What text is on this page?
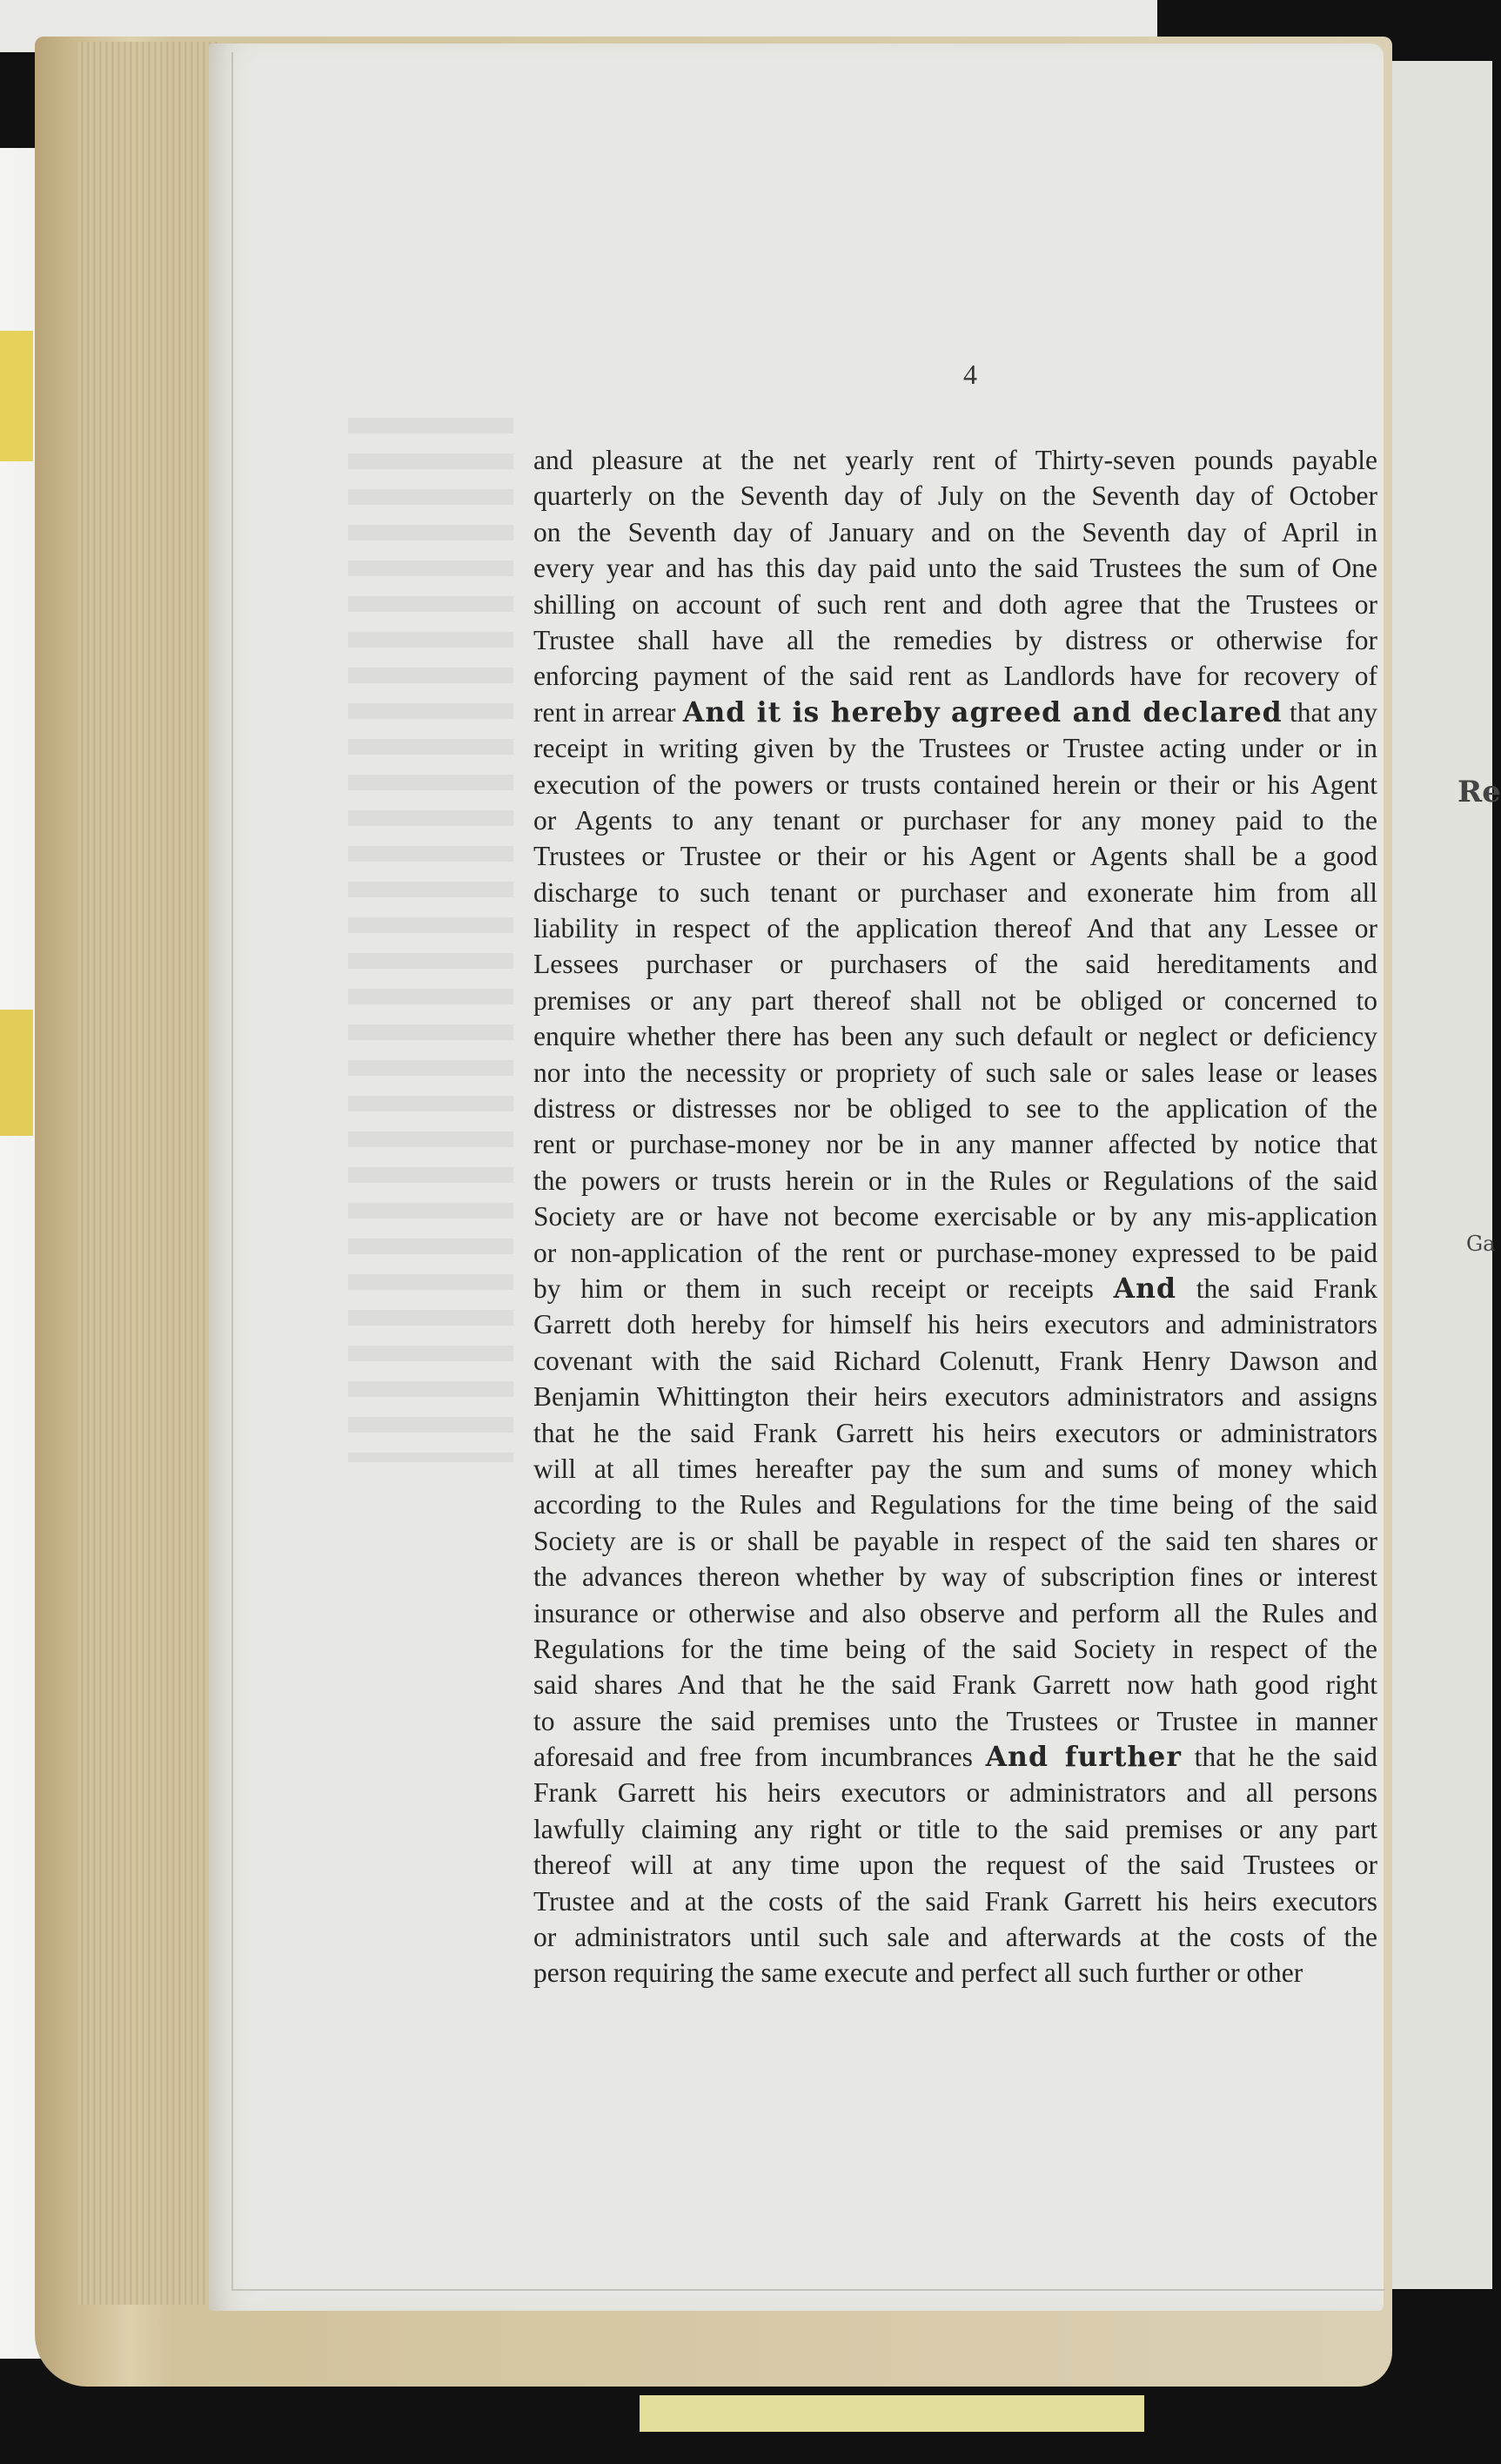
Re
Ga
4
and pleasure at the net yearly rent of Thirty-seven pounds payable
quarterly on the Seventh day of July on the Seventh day of October
on the Seventh day of January and on the Seventh day of April in
every year and has this day paid unto the said Trustees the sum of One
shilling on account of such rent and doth agree that the Trustees or
Trustee shall have all the remedies by distress or otherwise for
enforcing payment of the said rent as Landlords have for recovery of
rent in arrear And it is hereby agreed and declared that any
receipt in writing given by the Trustees or Trustee acting under or in
execution of the powers or trusts contained herein or their or his Agent
or Agents to any tenant or purchaser for any money paid to the
Trustees or Trustee or their or his Agent or Agents shall be a good
discharge to such tenant or purchaser and exonerate him from all
liability in respect of the application thereof And that any Lessee or
Lessees purchaser or purchasers of the said hereditaments and
premises or any part thereof shall not be obliged or concerned to
enquire whether there has been any such default or neglect or deficiency
nor into the necessity or propriety of such sale or sales lease or leases
distress or distresses nor be obliged to see to the application of the
rent or purchase-money nor be in any manner affected by notice that
the powers or trusts herein or in the Rules or Regulations of the said
Society are or have not become exercisable or by any mis-application
or non-application of the rent or purchase-money expressed to be paid
by him or them in such receipt or receipts And the said Frank
Garrett doth hereby for himself his heirs executors and administrators
covenant with the said Richard Colenutt, Frank Henry Dawson and
Benjamin Whittington their heirs executors administrators and assigns
that he the said Frank Garrett his heirs executors or administrators
will at all times hereafter pay the sum and sums of money which
according to the Rules and Regulations for the time being of the said
Society are is or shall be payable in respect of the said ten shares or
the advances thereon whether by way of subscription fines or interest
insurance or otherwise and also observe and perform all the Rules and
Regulations for the time being of the said Society in respect of the
said shares And that he the said Frank Garrett now hath good right
to assure the said premises unto the Trustees or Trustee in manner
aforesaid and free from incumbrances And further that he the said
Frank Garrett his heirs executors or administrators and all persons
lawfully claiming any right or title to the said premises or any part
thereof will at any time upon the request of the said Trustees or
Trustee and at the costs of the said Frank Garrett his heirs executors
or administrators until such sale and afterwards at the costs of the
person requiring the same execute and perfect all such further or other
